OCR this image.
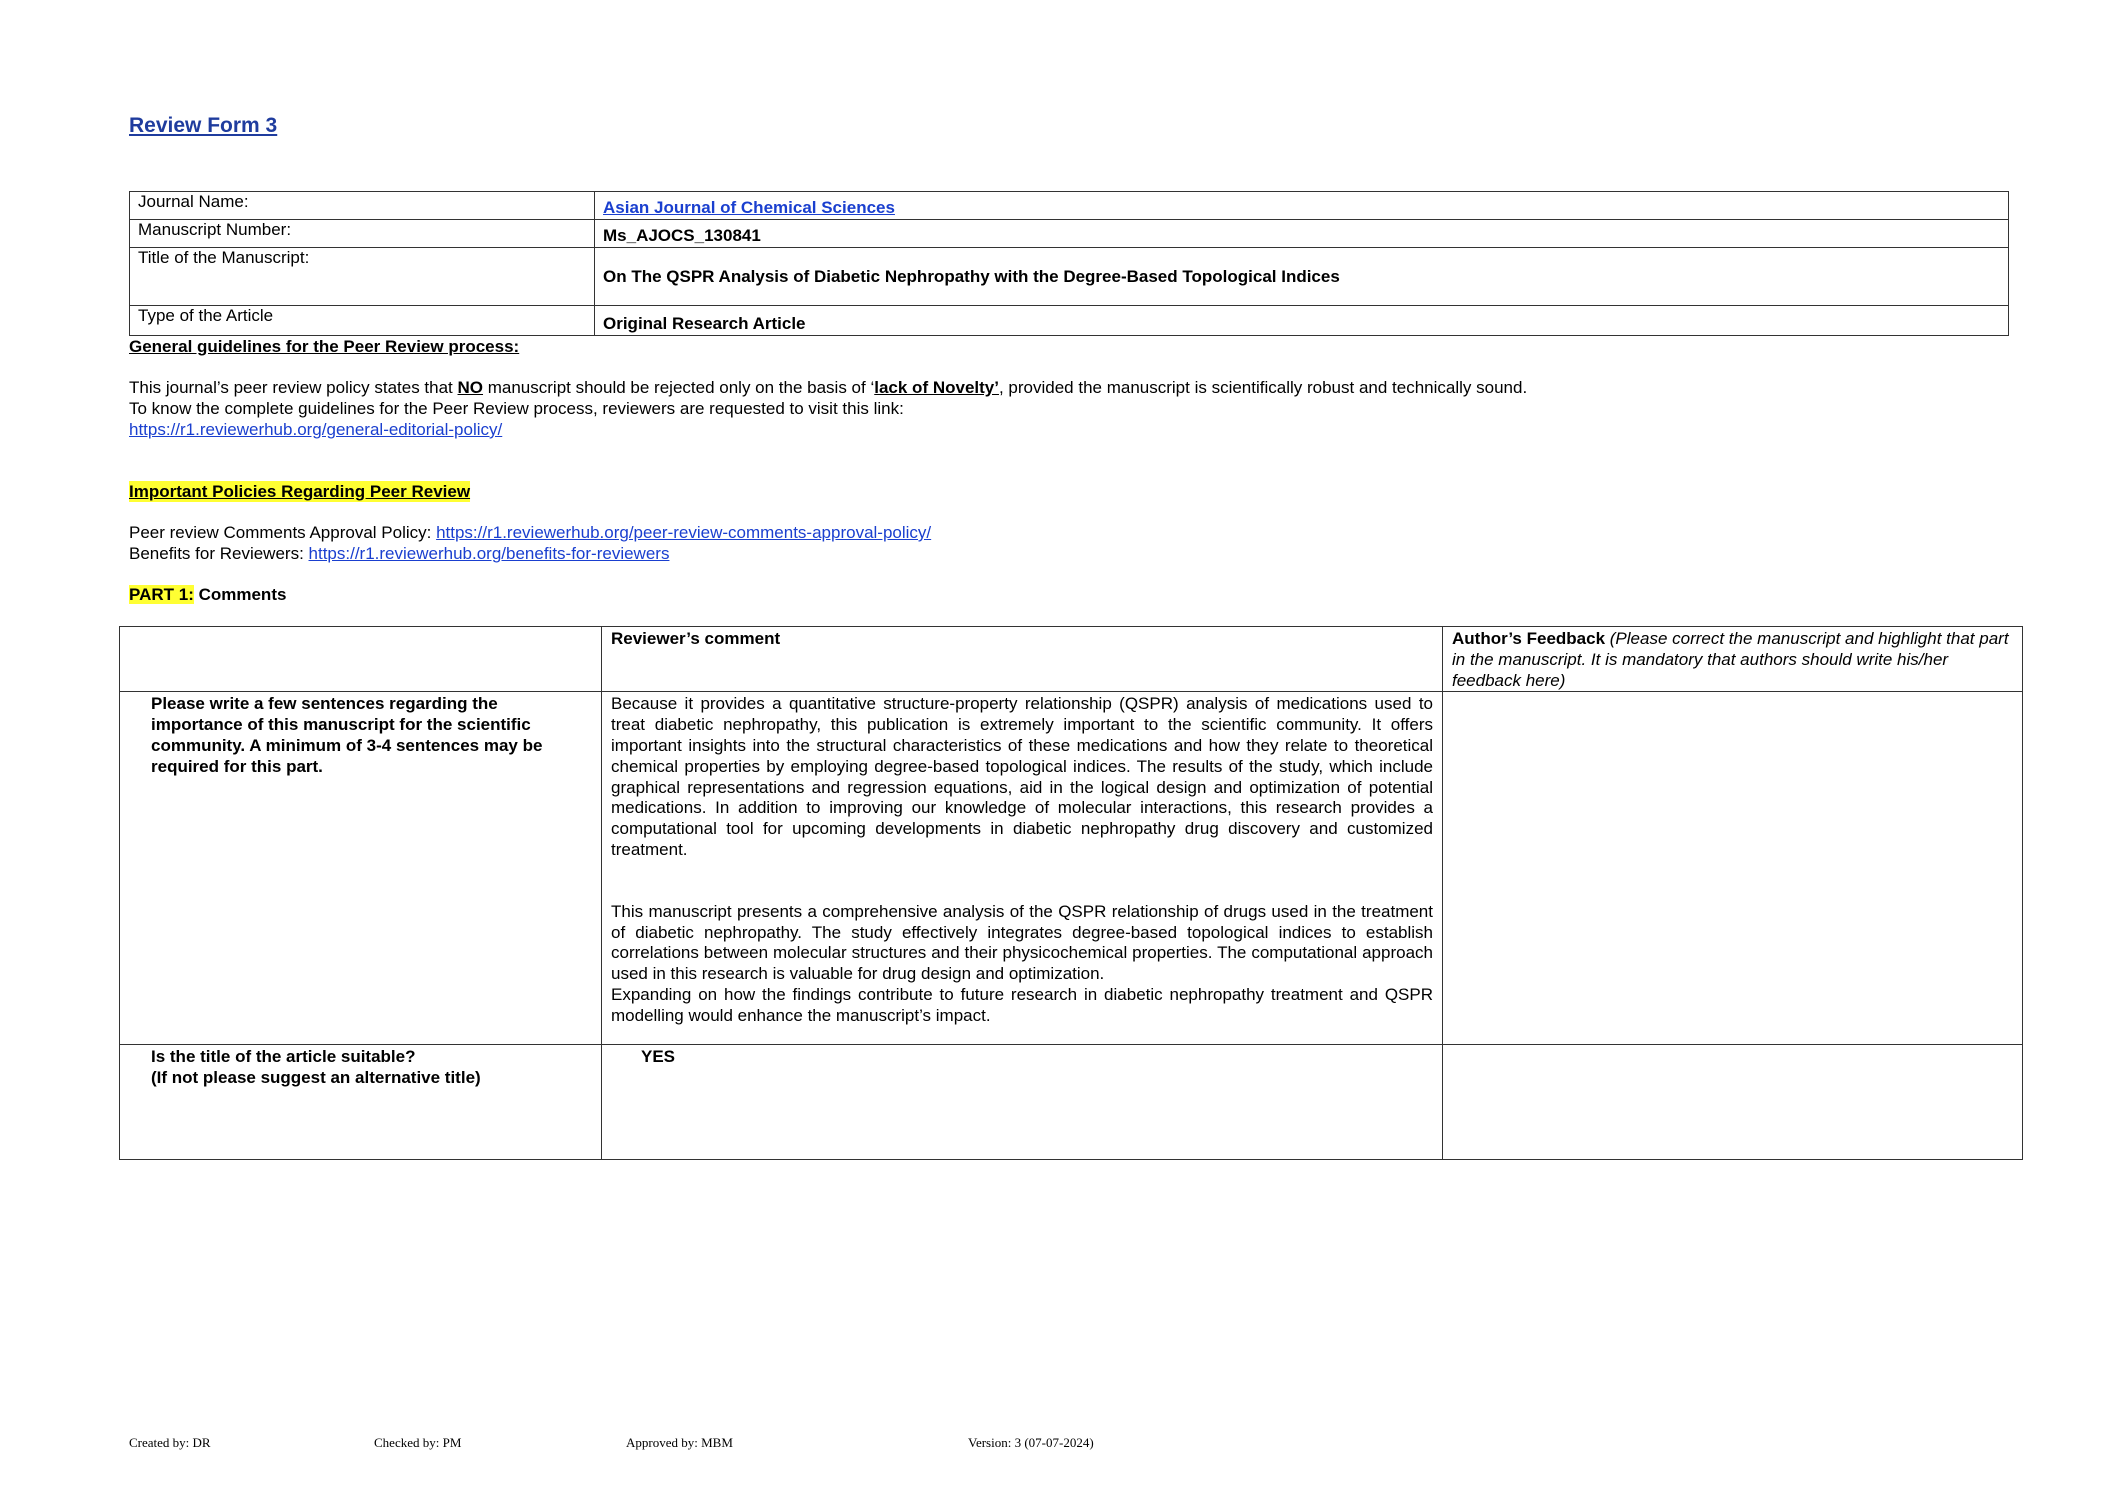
Review Form 3
Journal Name:	Asian Journal of Chemical Sciences
Manuscript Number:	Ms_AJOCS_130841
Title of the Manuscript:	On The QSPR Analysis of Diabetic Nephropathy with the Degree-Based Topological Indices
Type of the Article	Original Research Article
General guidelines for the Peer Review process:
This journal’s peer review policy states that NO manuscript should be rejected only on the basis of ‘lack of Novelty’, provided the manuscript is scientifically robust and technically sound.
To know the complete guidelines for the Peer Review process, reviewers are requested to visit this link:
https://r1.reviewerhub.org/general-editorial-policy/
Important Policies Regarding Peer Review
Peer review Comments Approval Policy: https://r1.reviewerhub.org/peer-review-comments-approval-policy/
Benefits for Reviewers: https://r1.reviewerhub.org/benefits-for-reviewers
PART 1: Comments
	Reviewer’s comment	Author’s Feedback (Please correct the manuscript and highlight that part in the manuscript. It is mandatory that authors should write his/her feedback here)

Please write a few sentences regarding the importance of this manuscript for the scientific community. A minimum of 3-4 sentences may be required for this part.	Because it provides a quantitative structure-property relationship (QSPR) analysis of medications used to treat diabetic nephropathy, this publication is extremely important to the scientific community. It offers important insights into the structural characteristics of these medications and how they relate to theoretical chemical properties by employing degree-based topological indices. The results of the study, which include graphical representations and regression equations, aid in the logical design and optimization of potential medications. In addition to improving our knowledge of molecular interactions, this research provides a computational tool for upcoming developments in diabetic nephropathy drug discovery and customized treatment.
This manuscript presents a comprehensive analysis of the QSPR relationship of drugs used in the treatment of diabetic nephropathy. The study effectively integrates degree-based topological indices to establish correlations between molecular structures and their physicochemical properties. The computational approach used in this research is valuable for drug design and optimization.
Expanding on how the findings contribute to future research in diabetic nephropathy treatment and QSPR modelling would enhance the manuscript’s impact.	

Is the title of the article suitable?
(If not please suggest an alternative title)	YES	

Created by: DR	Checked by: PM	Approved by: MBM	Version: 3 (07-07-2024)
